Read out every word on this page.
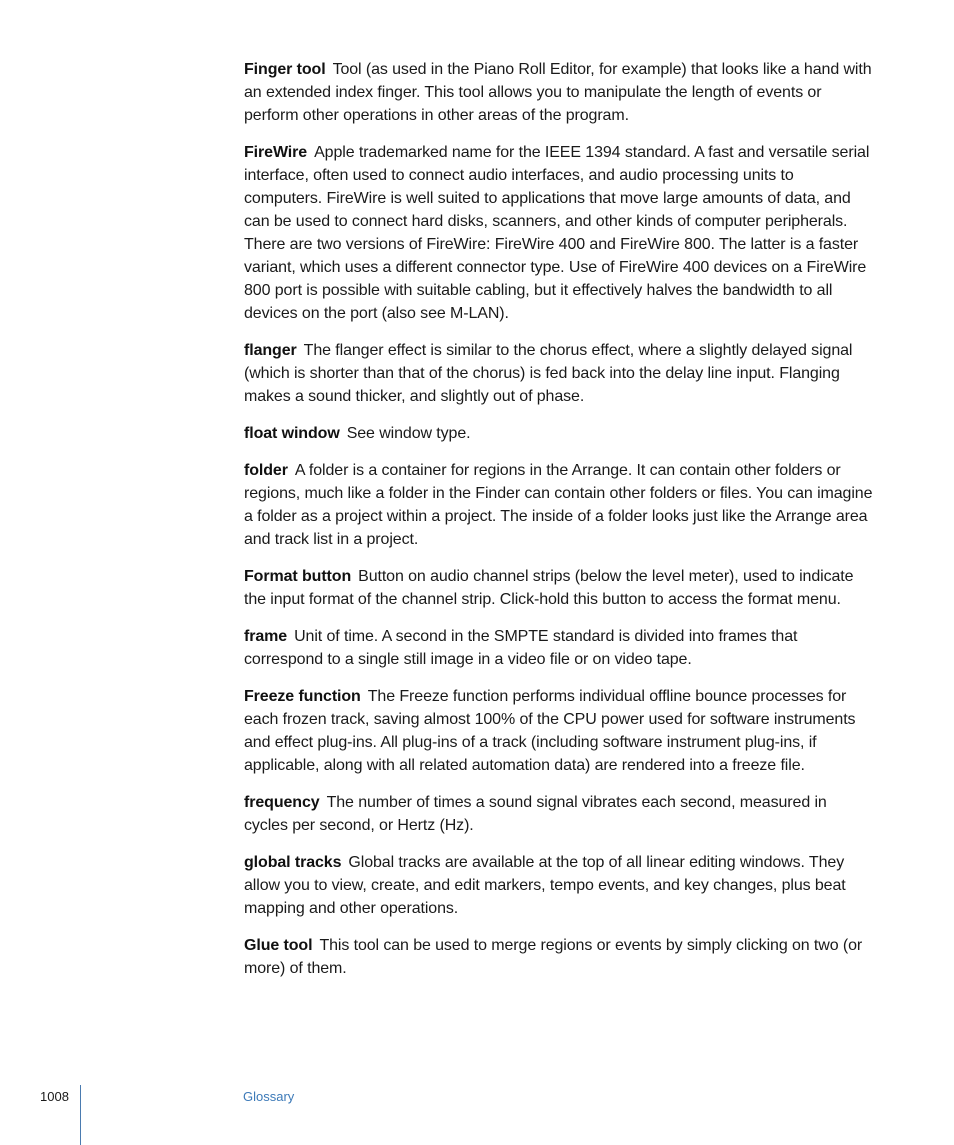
Finger tool Tool (as used in the Piano Roll Editor, for example) that looks like a hand with an extended index finger. This tool allows you to manipulate the length of events or perform other operations in other areas of the program.

FireWire Apple trademarked name for the IEEE 1394 standard. A fast and versatile serial interface, often used to connect audio interfaces, and audio processing units to computers. FireWire is well suited to applications that move large amounts of data, and can be used to connect hard disks, scanners, and other kinds of computer peripherals. There are two versions of FireWire: FireWire 400 and FireWire 800. The latter is a faster variant, which uses a different connector type. Use of FireWire 400 devices on a FireWire 800 port is possible with suitable cabling, but it effectively halves the bandwidth to all devices on the port (also see M-LAN).

flanger The flanger effect is similar to the chorus effect, where a slightly delayed signal (which is shorter than that of the chorus) is fed back into the delay line input. Flanging makes a sound thicker, and slightly out of phase.

float window See window type.

folder A folder is a container for regions in the Arrange. It can contain other folders or regions, much like a folder in the Finder can contain other folders or files. You can imagine a folder as a project within a project. The inside of a folder looks just like the Arrange area and track list in a project.

Format button Button on audio channel strips (below the level meter), used to indicate the input format of the channel strip. Click-hold this button to access the format menu.

frame Unit of time. A second in the SMPTE standard is divided into frames that correspond to a single still image in a video file or on video tape.

Freeze function The Freeze function performs individual offline bounce processes for each frozen track, saving almost 100% of the CPU power used for software instruments and effect plug-ins. All plug-ins of a track (including software instrument plug-ins, if applicable, along with all related automation data) are rendered into a freeze file.

frequency The number of times a sound signal vibrates each second, measured in cycles per second, or Hertz (Hz).

global tracks Global tracks are available at the top of all linear editing windows. They allow you to view, create, and edit markers, tempo events, and key changes, plus beat mapping and other operations.

Glue tool This tool can be used to merge regions or events by simply clicking on two (or more) of them.

1008	Glossary
